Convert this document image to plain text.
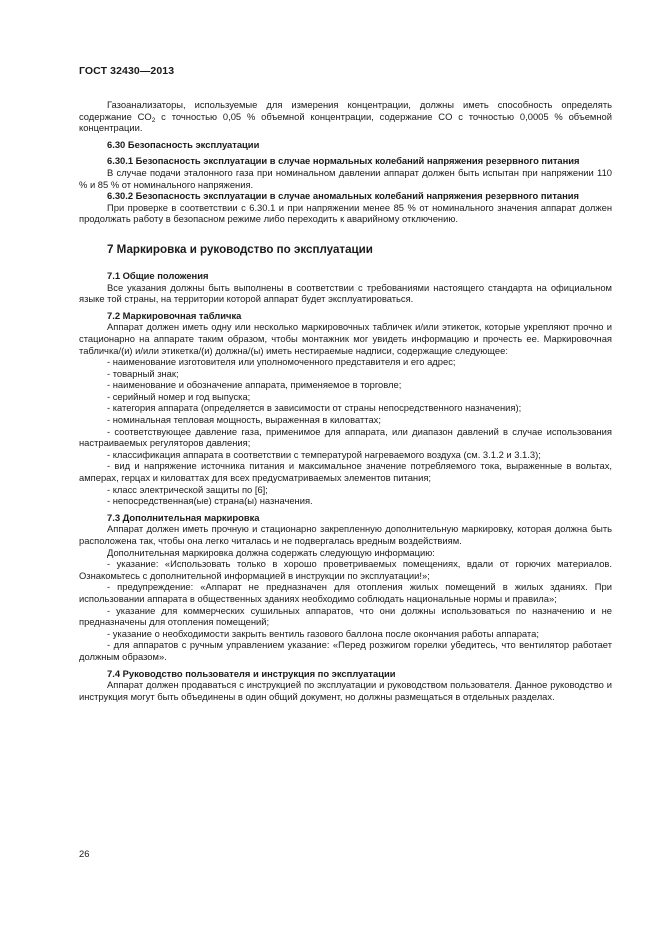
ГОСТ 32430—2013

Газоанализаторы, используемые для измерения концентрации, должны иметь способность определять содержание $CO_2$ с точностью 0,05 % объемной концентрации, содержание CO с точностью 0,0005 % объемной концентрации.

6.30 Безопасность эксплуатации

6.30.1 Безопасность эксплуатации в случае нормальных колебаний напряжения резервного питания

В случае подачи эталонного газа при номинальном давлении аппарат должен быть испытан при напряжении 110 % и 85 % от номинального напряжения.

6.30.2 Безопасность эксплуатации в случае аномальных колебаний напряжения резервного питания

При проверке в соответствии с 6.30.1 и при напряжении менее 85 % от номинального значения аппарат должен продолжать работу в безопасном режиме либо переходить к аварийному отключению.

7 Маркировка и руководство по эксплуатации

7.1 Общие положения

Все указания должны быть выполнены в соответствии с требованиями настоящего стандарта на официальном языке той страны, на территории которой аппарат будет эксплуатироваться.

7.2 Маркировочная табличка

Аппарат должен иметь одну или несколько маркировочных табличек и/или этикеток, которые укрепляют прочно и стационарно на аппарате таким образом, чтобы монтажник мог увидеть информацию и прочесть ее. Маркировочная табличка/(и) и/или этикетка/(и) должна/(ы) иметь нестираемые надписи, содержащие следующее:

- наименование изготовителя или уполномоченного представителя и его адрес;

- товарный знак;

- наименование и обозначение аппарата, применяемое в торговле;

- серийный номер и год выпуска;

- категория аппарата (определяется в зависимости от страны непосредственного назначения);

- номинальная тепловая мощность, выраженная в киловаттах;

- соответствующее давление газа, применимое для аппарата, или диапазон давлений в случае использования настраиваемых регуляторов давления;

- классификация аппарата в соответствии с температурой нагреваемого воздуха (см. 3.1.2 и 3.1.3);

- вид и напряжение источника питания и максимальное значение потребляемого тока, выраженные в вольтах, амперах, герцах и киловаттах для всех предусматриваемых элементов питания;

- класс электрической защиты по [6];

- непосредственная(ые) страна(ы) назначения.

7.3 Дополнительная маркировка

Аппарат должен иметь прочную и стационарно закрепленную дополнительную маркировку, которая должна быть расположена так, чтобы она легко читалась и не подвергалась вредным воздействиям.

Дополнительная маркировка должна содержать следующую информацию:

- указание: «Использовать только в хорошо проветриваемых помещениях, вдали от горючих материалов. Ознакомьтесь с дополнительной информацией в инструкции по эксплуатации!»;

- предупреждение: «Аппарат не предназначен для отопления жилых помещений в жилых зданиях. При использовании аппарата в общественных зданиях необходимо соблюдать национальные нормы и правила»;

- указание для коммерческих сушильных аппаратов, что они должны использоваться по назначению и не предназначены для отопления помещений;

- указание о необходимости закрыть вентиль газового баллона после окончания работы аппарата;

- для аппаратов с ручным управлением указание: «Перед розжигом горелки убедитесь, что вентилятор работает должным образом».

7.4 Руководство пользователя и инструкция по эксплуатации

Аппарат должен продаваться с инструкцией по эксплуатации и руководством пользователя. Данное руководство и инструкция могут быть объединены в один общий документ, но должны размещаться в отдельных разделах.

26
